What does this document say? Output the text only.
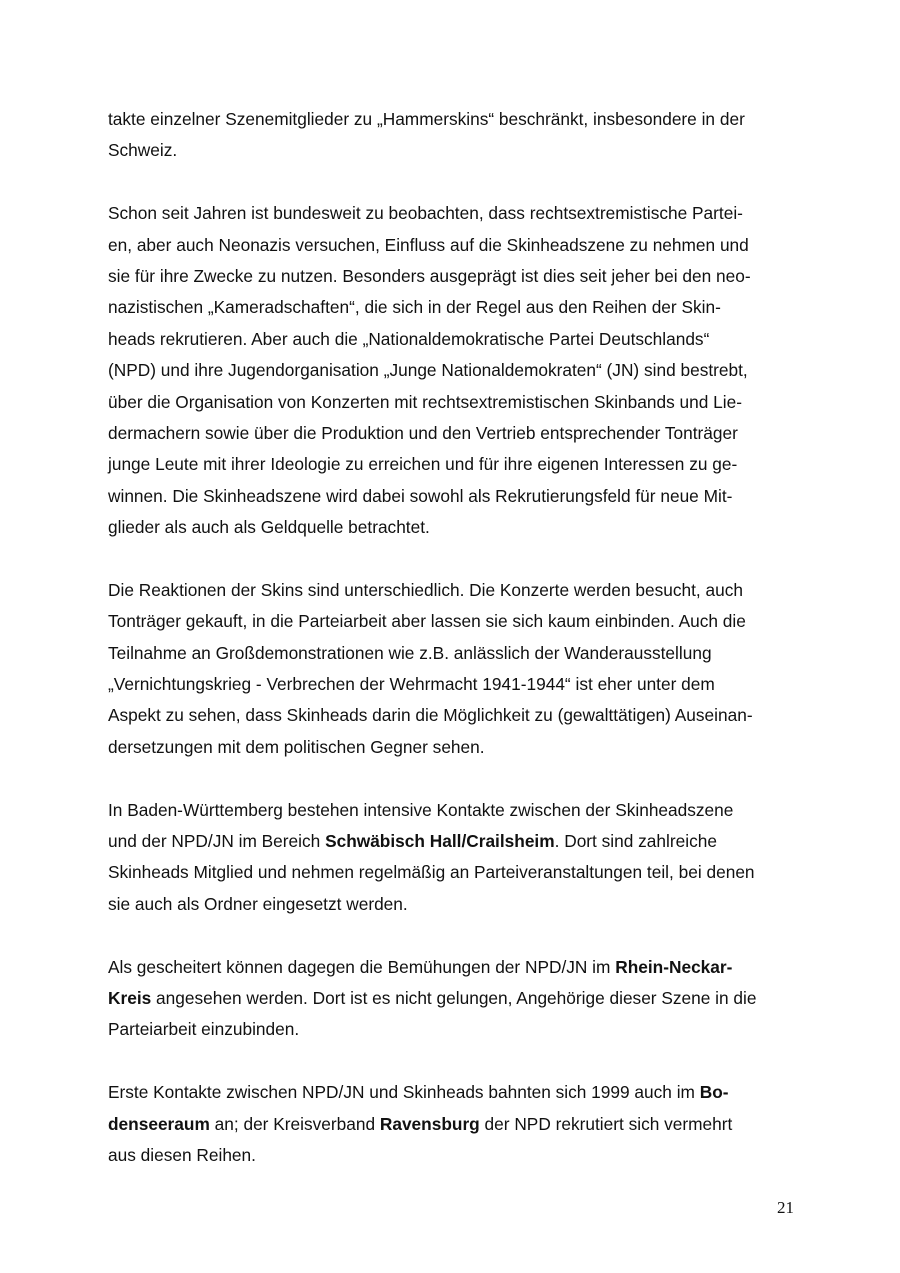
takte einzelner Szenemitglieder zu „Hammerskins“ beschränkt, insbesondere in der
Schweiz.

Schon seit Jahren ist bundesweit zu beobachten, dass rechtsextremistische Partei-
en, aber auch Neonazis versuchen, Einfluss auf die Skinheadszene zu nehmen und
sie für ihre Zwecke zu nutzen. Besonders ausgeprägt ist dies seit jeher bei den neo-
nazistischen „Kameradschaften“, die sich in der Regel aus den Reihen der Skin-
heads rekrutieren. Aber auch die „Nationaldemokratische Partei Deutschlands“
(NPD) und ihre Jugendorganisation „Junge Nationaldemokraten“ (JN) sind bestrebt,
über die Organisation von Konzerten mit rechtsextremistischen Skinbands und Lie-
dermachern sowie über die Produktion und den Vertrieb entsprechender Tonträger
junge Leute mit ihrer Ideologie zu erreichen und für ihre eigenen Interessen zu ge-
winnen. Die Skinheadszene wird dabei sowohl als Rekrutierungsfeld für neue Mit-
glieder als auch als Geldquelle betrachtet.

Die Reaktionen der Skins sind unterschiedlich. Die Konzerte werden besucht, auch
Tonträger gekauft, in die Parteiarbeit aber lassen sie sich kaum einbinden. Auch die
Teilnahme an Großdemonstrationen wie z.B. anlässlich der Wanderausstellung
„Vernichtungskrieg - Verbrechen der Wehrmacht 1941-1944“ ist eher unter dem
Aspekt zu sehen, dass Skinheads darin die Möglichkeit zu (gewalttätigen) Auseinan-
dersetzungen mit dem politischen Gegner sehen.

In Baden-Württemberg bestehen intensive Kontakte zwischen der Skinheadszene
und der NPD/JN im Bereich Schwäbisch Hall/Crailsheim. Dort sind zahlreiche
Skinheads Mitglied und nehmen regelmäßig an Parteiveranstaltungen teil, bei denen
sie auch als Ordner eingesetzt werden.

Als gescheitert können dagegen die Bemühungen der NPD/JN im Rhein-Neckar-
Kreis angesehen werden. Dort ist es nicht gelungen, Angehörige dieser Szene in die
Parteiarbeit einzubinden.

Erste Kontakte zwischen NPD/JN und Skinheads bahnten sich 1999 auch im Bo-
denseeraum an; der Kreisverband Ravensburg der NPD rekrutiert sich vermehrt
aus diesen Reihen.

21
